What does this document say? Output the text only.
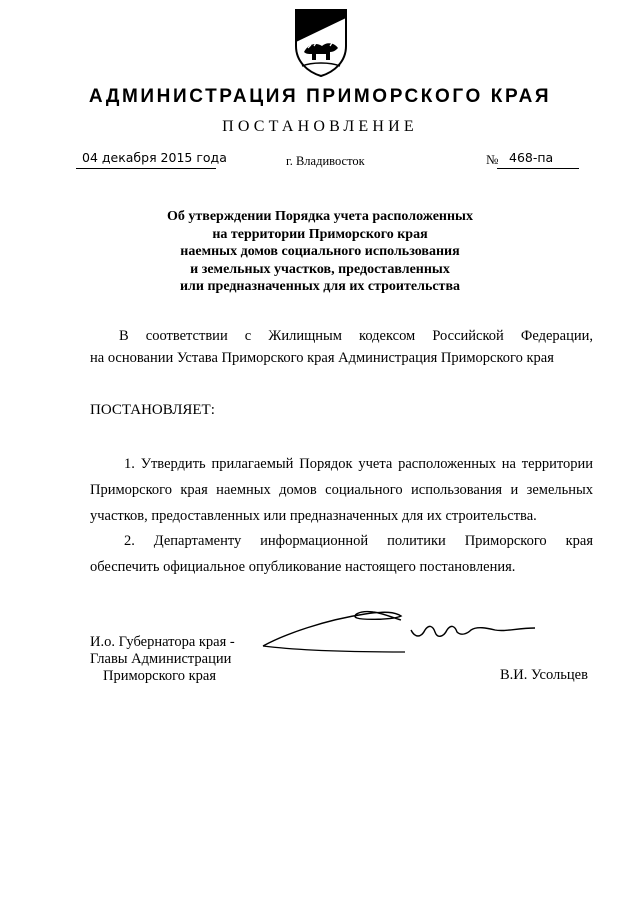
АДМИНИСТРАЦИЯ ПРИМОРСКОГО КРАЯ
ПОСТАНОВЛЕНИЕ
04 декабря 2015 года	г. Владивосток	№ 468-па
Об утверждении Порядка учета расположенных
на территории Приморского края
наемных домов социального использования
и земельных участков, предоставленных
или предназначенных для их строительства
В соответствии с Жилищным кодексом Российской Федерации,
на основании Устава Приморского края Администрация Приморского края
ПОСТАНОВЛЯЕТ:
1. Утвердить прилагаемый Порядок учета расположенных на территории
Приморского края наемных домов социального использования и земельных
участков, предоставленных или предназначенных для их строительства.
2. Департаменту информационной политики Приморского края
обеспечить официальное опубликование настоящего постановления.
И.о. Губернатора края -
Главы Администрации
Приморского края	В.И. Усольцев
